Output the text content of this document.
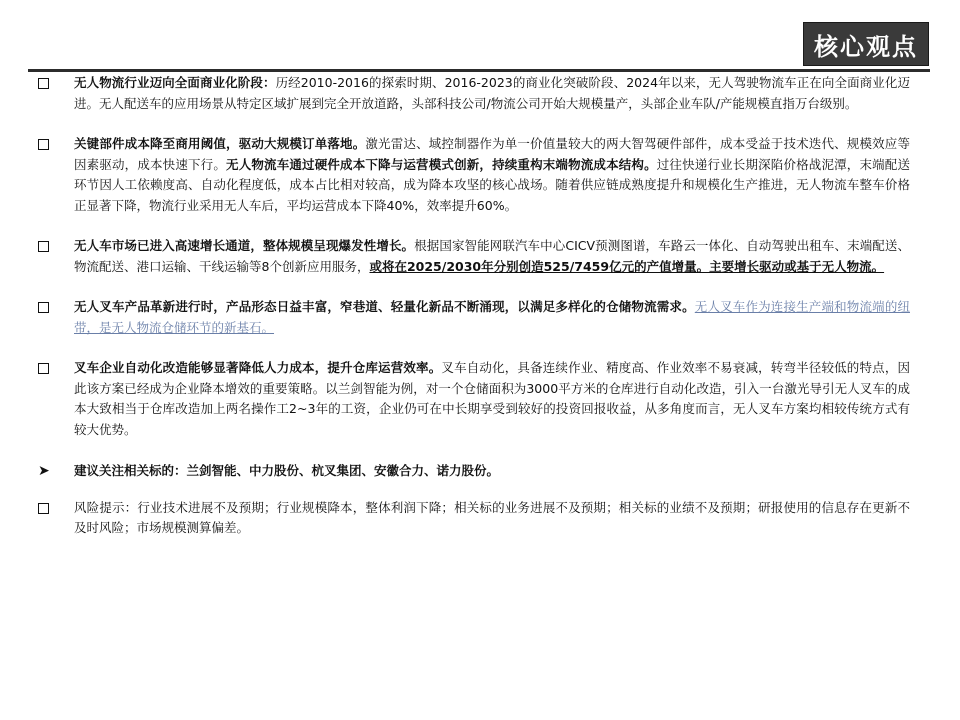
核心观点

无人物流行业迈向全面商业化阶段：历经2010-2016的探索时期、2016-2023的商业化突破阶段、2024年以来，无人驾驶物流车正在向全面商业化迈进。无人配送车的应用场景从特定区域扩展到完全开放道路，头部科技公司/物流公司开始大规模量产，头部企业车队/产能规模直指万台级别。

关键部件成本降至商用阈值，驱动大规模订单落地。激光雷达、域控制器作为单一价值量较大的两大智驾硬件部件，成本受益于技术迭代、规模效应等因素驱动，成本快速下行。无人物流车通过硬件成本下降与运营模式创新，持续重构末端物流成本结构。过往快递行业长期深陷价格战泥潭，末端配送环节因人工依赖度高、自动化程度低，成本占比相对较高，成为降本攻坚的核心战场。随着供应链成熟度提升和规模化生产推进，无人物流车整车价格正显著下降，物流行业采用无人车后，平均运营成本下降40%，效率提升60%。

无人车市场已进入高速增长通道，整体规模呈现爆发性增长。根据国家智能网联汽车中心CICV预测图谱，车路云一体化、自动驾驶出租车、末端配送、物流配送、港口运输、干线运输等8个创新应用服务，或将在2025/2030年分别创造525/7459亿元的产值增量。主要增长驱动或基于无人物流。

无人叉车产品革新进行时，产品形态日益丰富，窄巷道、轻量化新品不断涌现，以满足多样化的仓储物流需求。无人叉车作为连接生产端和物流端的纽带，是无人物流仓储环节的新基石。

叉车企业自动化改造能够显著降低人力成本，提升仓库运营效率。叉车自动化，具备连续作业、精度高、作业效率不易衰减，转弯半径较低的特点，因此该方案已经成为企业降本增效的重要策略。以兰剑智能为例，对一个仓储面积为3000平方米的仓库进行自动化改造，引入一台激光导引无人叉车的成本大致相当于仓库改造加上两名操作工2~3年的工资，企业仍可在中长期享受到较好的投资回报收益，从多角度而言，无人叉车方案均相较传统方式有较大优势。

➤ 建议关注相关标的：兰剑智能、中力股份、杭叉集团、安徽合力、诺力股份。

风险提示：行业技术进展不及预期；行业规模降本，整体利润下降；相关标的业务进展不及预期；相关标的业绩不及预期；研报使用的信息存在更新不及时风险；市场规模测算偏差。
